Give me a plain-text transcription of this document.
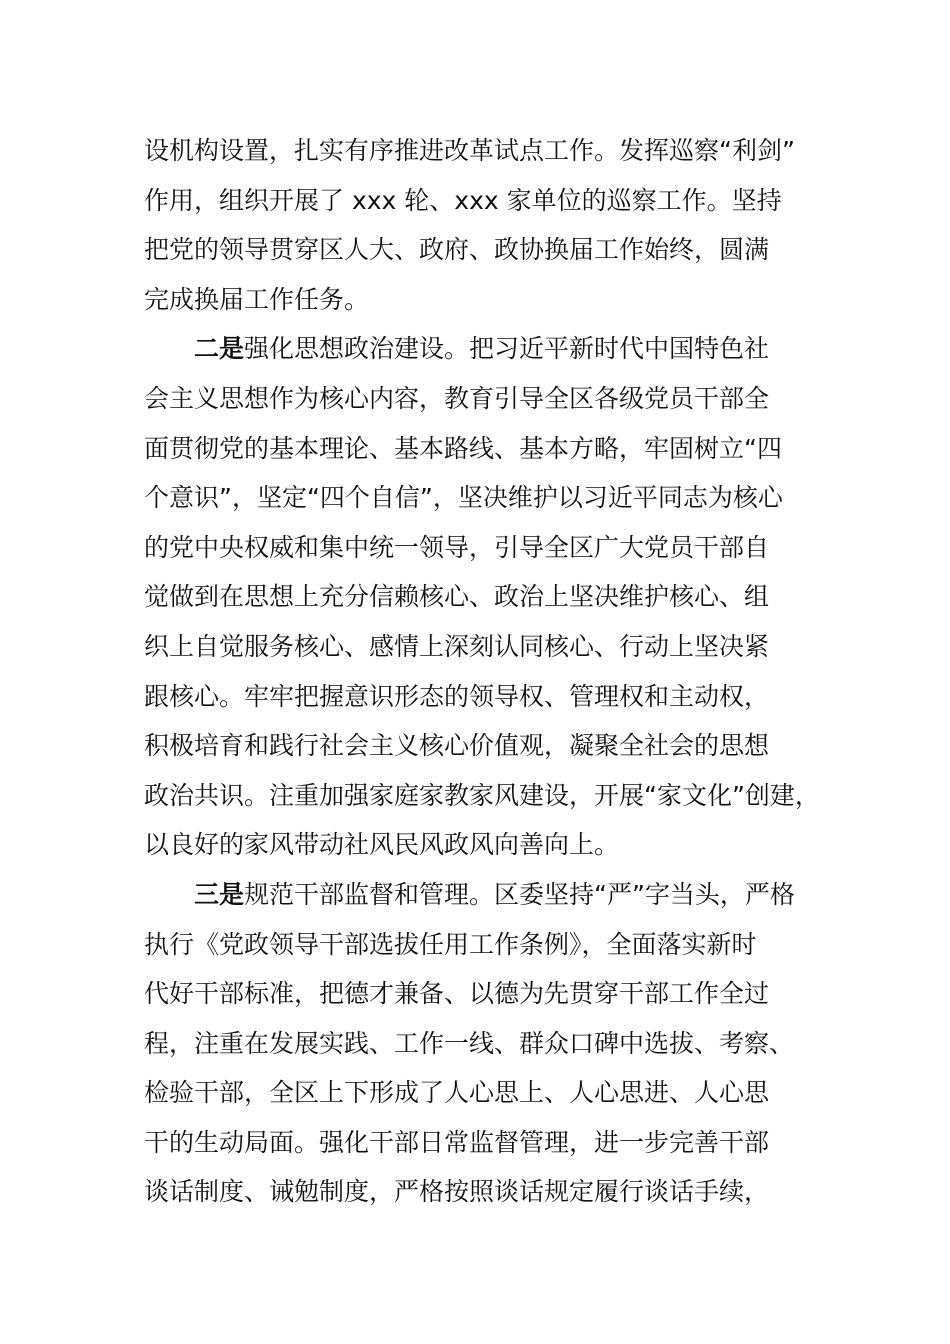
设机构设置，扎实有序推进改革试点工作。发挥巡察“利剑”
作用，组织开展了 xxx 轮、xxx 家单位的巡察工作。坚持
把党的领导贯穿区人大、政府、政协换届工作始终，圆满
完成换届工作任务。
二是强化思想政治建设。把习近平新时代中国特色社
会主义思想作为核心内容，教育引导全区各级党员干部全
面贯彻党的基本理论、基本路线、基本方略，牢固树立“四
个意识”，坚定“四个自信”，坚决维护以习近平同志为核心
的党中央权威和集中统一领导，引导全区广大党员干部自
觉做到在思想上充分信赖核心、政治上坚决维护核心、组
织上自觉服务核心、感情上深刻认同核心、行动上坚决紧
跟核心。牢牢把握意识形态的领导权、管理权和主动权，
积极培育和践行社会主义核心价值观，凝聚全社会的思想
政治共识。注重加强家庭家教家风建设，开展“家文化”创建，
以良好的家风带动社风民风政风向善向上。
三是规范干部监督和管理。区委坚持“严”字当头，严格
执行《党政领导干部选拔任用工作条例》，全面落实新时
代好干部标准，把德才兼备、以德为先贯穿干部工作全过
程，注重在发展实践、工作一线、群众口碑中选拔、考察、
检验干部，全区上下形成了人心思上、人心思进、人心思
干的生动局面。强化干部日常监督管理，进一步完善干部
谈话制度、诫勉制度，严格按照谈话规定履行谈话手续，
